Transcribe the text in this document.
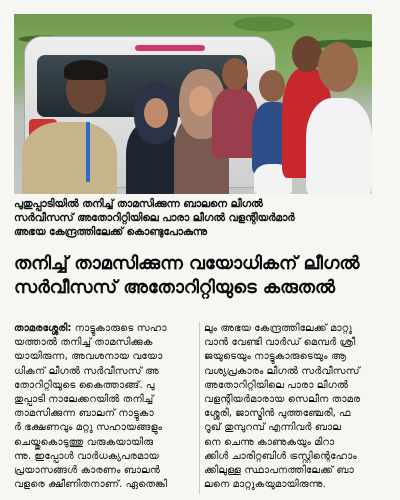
പുതുപ്പാടിയിൽ തനിച്ച് താമസിക്കുന്ന ബാലനെ ലീഗൽ
സർവീസസ് അതോറിറ്റിയിലെ പാരാ ലീഗൽ വളന്റിയർമാർ
അഭയ കേന്ദ്രത്തിലേക്ക് കൊണ്ടുപോകുന്നു
തനിച്ച് താമസിക്കുന്ന വയോധികന് ലീഗൽ
സർവീസസ് അതോറിറ്റിയുടെ കരുതൽ
താമരശ്ശേരി: നാട്ടുകാരുടെ സഹാ
യത്താൽ തനിച്ച് താമസിക്കുക
യായിരുന്ന, അവശനായ വയോ
ധികന് ലീഗൽ സർവീസസ് അ
തോറിറ്റിയുടെ കൈത്താങ്ങ്. പു
തുപ്പാടി നാലേക്കറയിൽ തനിച്ച്
താമസിക്കുന്ന ബാലന് നാട്ടുകാ
ർ ഭക്ഷണവും മറ്റു സഹായങ്ങളും
ചെയ്തുകൊടുത്തു വരുകയായിരു
ന്നു. ഇപ്പോൾ വാർധക്യപരമായ
പ്രയാസങ്ങൾ കാരണം ബാലൻ
വളരെ ക്ഷീണിതനാണ്. ഏതെങ്കി
ലും അഭയ കേന്ദ്രത്തിലേക്ക് മാറ്റു
വാൻ വേണ്ടി വാർഡ് മെമ്പർ ശ്രീ
ജയുടെയും നാട്ടുകാരുടെയും ആ
വശ്യപ്രകാരം ലീഗൽ സർവീസസ്
അതോറിറ്റിയിലെ പാരാ ലീഗൽ
വളന്റിയർമാരായ സെലീന താമര
ശ്ശേരി, ജാസ്മിൻ പുത്തഞ്ചേരി, ഫ
റൂഖ് തുമ്പുറമ്പ് എന്നിവർ ബാല
നെ ചെന്നു കാണുകയും മിറാ
ക്കിൾ ചാരിറ്റബിൾ ട്രസ്റ്റിന്റെഹോം
ക്കിലുള്ള സ്ഥാപനത്തിലേക്ക് ബാ
ലനെ മാറ്റുകയുമായിരുന്നു.
